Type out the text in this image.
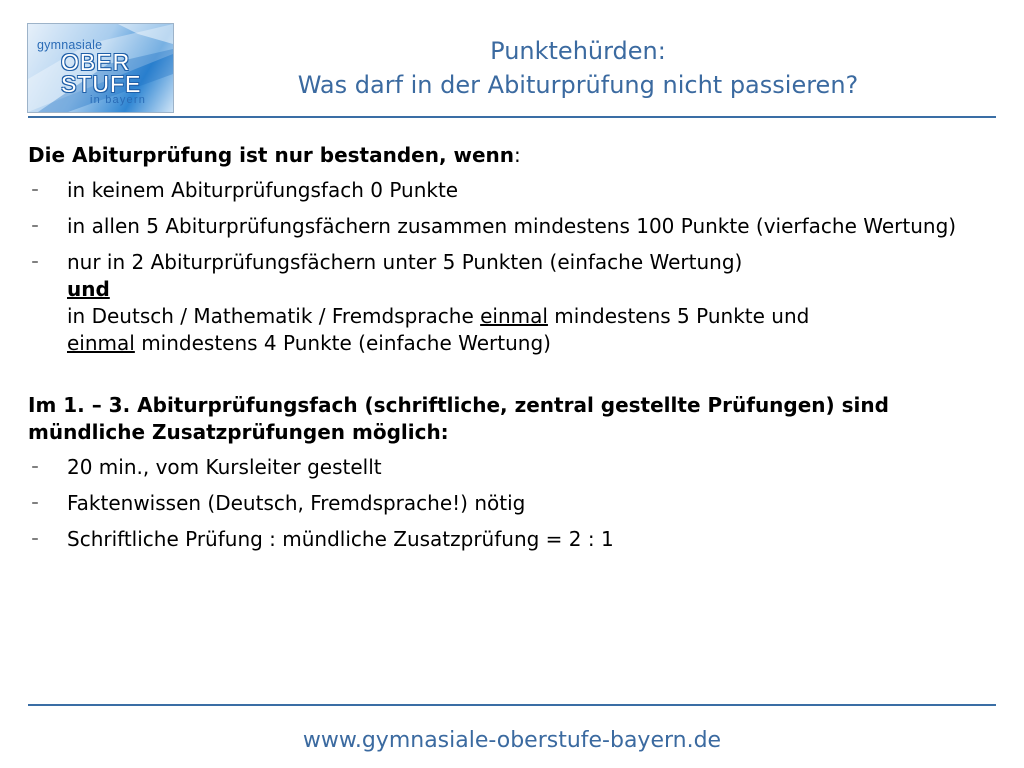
gymnasiale
OBER
STUFE
in bayern
Punktehürden:
Was darf in der Abiturprüfung nicht passieren?
Die Abiturprüfung ist nur bestanden, wenn:
– in keinem Abiturprüfungsfach 0 Punkte
– in allen 5 Abiturprüfungsfächern zusammen mindestens 100 Punkte (vierfache Wertung)
– nur in 2 Abiturprüfungsfächern unter 5 Punkten (einfache Wertung)
und
in Deutsch / Mathematik / Fremdsprache einmal mindestens 5 Punkte und
einmal mindestens 4 Punkte (einfache Wertung)
Im 1. – 3. Abiturprüfungsfach (schriftliche, zentral gestellte Prüfungen) sind mündliche Zusatzprüfungen möglich:
– 20 min., vom Kursleiter gestellt
– Faktenwissen (Deutsch, Fremdsprache!) nötig
– Schriftliche Prüfung : mündliche Zusatzprüfung = 2 : 1
www.gymnasiale-oberstufe-bayern.de
